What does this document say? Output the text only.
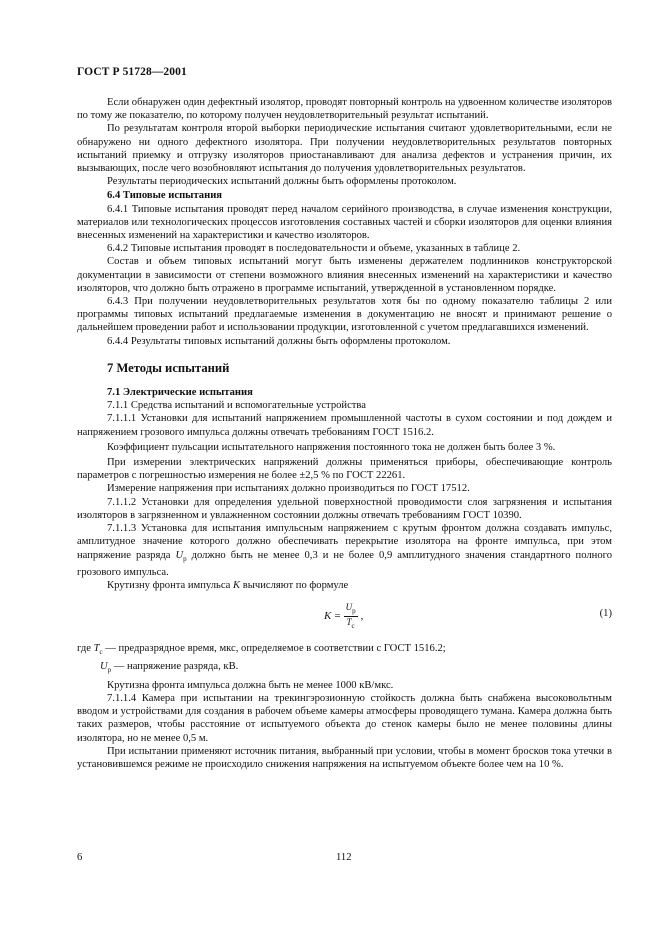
ГОСТ Р 51728—2001

Если обнаружен один дефектный изолятор, проводят повторный контроль на удвоенном количестве изоляторов по тому же показателю, по которому получен неудовлетворительный результат испытаний.

По результатам контроля второй выборки периодические испытания считают удовлетворительными, если не обнаружено ни одного дефектного изолятора. При получении неудовлетворительных результатов повторных испытаний приемку и отгрузку изоляторов приостанавливают для анализа дефектов и устранения причин, их вызывающих, после чего возобновляют испытания до получения удовлетворительных результатов.

Результаты периодических испытаний должны быть оформлены протоколом.

6.4 Типовые испытания

6.4.1 Типовые испытания проводят перед началом серийного производства, в случае изменения конструкции, материалов или технологических процессов изготовления составных частей и сборки изоляторов для оценки влияния внесенных изменений на характеристики и качество изоляторов.

6.4.2 Типовые испытания проводят в последовательности и объеме, указанных в таблице 2.

Состав и объем типовых испытаний могут быть изменены держателем подлинников конструкторской документации в зависимости от степени возможного влияния внесенных изменений на характеристики и качество изоляторов, что должно быть отражено в программе испытаний, утвержденной в установленном порядке.

6.4.3 При получении неудовлетворительных результатов хотя бы по одному показателю таблицы 2 или программы типовых испытаний предлагаемые изменения в документацию не вносят и принимают решение о дальнейшем проведении работ и использовании продукции, изготовленной с учетом предлагавшихся изменений.

6.4.4 Результаты типовых испытаний должны быть оформлены протоколом.

7 Методы испытаний

7.1 Электрические испытания

7.1.1 Средства испытаний и вспомогательные устройства

7.1.1.1 Установки для испытаний напряжением промышленной частоты в сухом состоянии и под дождем и напряжением грозового импульса должны отвечать требованиям ГОСТ 1516.2.

Коэффициент пульсации испытательного напряжения постоянного тока не должен быть более 3 %.

При измерении электрических напряжений должны применяться приборы, обеспечивающие контроль параметров с погрешностью измерения не более ±2,5 % по ГОСТ 22261.

Измерение напряжения при испытаниях должно производиться по ГОСТ 17512.

7.1.1.2 Установки для определения удельной поверхностной проводимости слоя загрязнения и испытания изоляторов в загрязненном и увлажненном состоянии должны отвечать требованиям ГОСТ 10390.

7.1.1.3 Установка для испытания импульсным напряжением с крутым фронтом должна создавать импульс, амплитудное значение которого должно обеспечивать перекрытие изолятора на фронте импульса, при этом напряжение разряда $U_р$ должно быть не менее 0,3 и не более 0,9 амплитудного значения стандартного полного грозового импульса.

Крутизну фронта импульса K вычисляют по формуле

$K = \frac{U_р}{T_с}$ ,	(1)
где $T_с$ — предразрядное время, мкс, определяемое в соответствии с ГОСТ 1516.2;
$U_р$ — напряжение разряда, кВ.

Крутизна фронта импульса должна быть не менее 1000 кВ/мкс.

7.1.1.4 Камера при испытании на трекингэрозионную стойкость должна быть снабжена высоковольтным вводом и устройствами для создания в рабочем объеме камеры атмосферы проводящего тумана. Камера должна быть таких размеров, чтобы расстояние от испытуемого объекта до стенок камеры было не менее половины длины изолятора, но не менее 0,5 м.

При испытании применяют источник питания, выбранный при условии, чтобы в момент бросков тока утечки в установившемся режиме не происходило снижения напряжения на испытуемом объекте более чем на 10 %.

6	112
